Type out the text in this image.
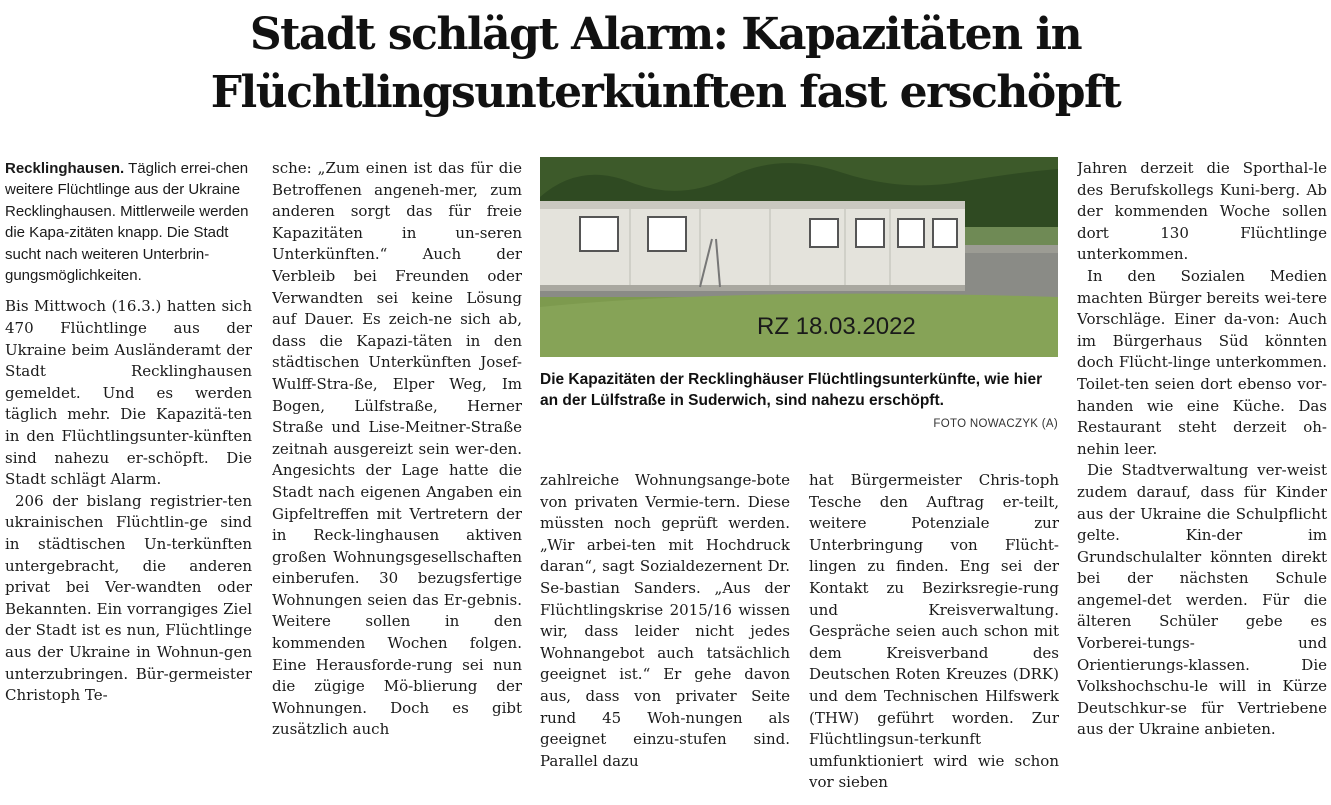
Stadt schlägt Alarm: Kapazitäten in
Flüchtlingsunterkünften fast erschöpft

Recklinghausen. Täglich errei-chen weitere Flüchtlinge aus der Ukraine Recklinghausen. Mittlerweile werden die Kapa-zitäten knapp. Die Stadt sucht nach weiteren Unterbrin-gungsmöglichkeiten.

Bis Mittwoch (16.3.) hatten sich 470 Flüchtlinge aus der Ukraine beim Ausländeramt der Stadt Recklinghausen gemeldet. Und es werden täglich mehr. Die Kapazitä-ten in den Flüchtlingsunter-künften sind nahezu er-schöpft. Die Stadt schlägt Alarm.

206 der bislang registrier-ten ukrainischen Flüchtlin-ge sind in städtischen Un-terkünften untergebracht, die anderen privat bei Ver-wandten oder Bekannten. Ein vorrangiges Ziel der Stadt ist es nun, Flüchtlinge aus der Ukraine in Wohnun-gen unterzubringen. Bür-germeister Christoph Te-

sche: „Zum einen ist das für die Betroffenen angeneh-mer, zum anderen sorgt das für freie Kapazitäten in un-seren Unterkünften.“ Auch der Verbleib bei Freunden oder Verwandten sei keine Lösung auf Dauer. Es zeich-ne sich ab, dass die Kapazi-täten in den städtischen Unterkünften Josef-Wulff-Stra-ße, Elper Weg, Im Bogen, Lülfstraße, Herner Straße und Lise-Meitner-Straße zeitnah ausgereizt sein wer-den. Angesichts der Lage hatte die Stadt nach eigenen Angaben ein Gipfeltreffen mit Vertretern der in Reck-linghausen aktiven großen Wohnungsgesellschaften einberufen. 30 bezugsfertige Wohnungen seien das Er-gebnis. Weitere sollen in den kommenden Wochen folgen. Eine Herausforde-rung sei nun die zügige Mö-blierung der Wohnungen. Doch es gibt zusätzlich auch

RZ 18.03.2022
Die Kapazitäten der Recklinghäuser Flüchtlingsunterkünfte, wie hier an der Lülfstraße in Suderwich, sind nahezu erschöpft.
FOTO NOWACZYK (A)

zahlreiche Wohnungsange-bote von privaten Vermie-tern. Diese müssten noch geprüft werden. „Wir arbei-ten mit Hochdruck daran“, sagt Sozialdezernent Dr. Se-bastian Sanders. „Aus der Flüchtlingskrise 2015/16 wissen wir, dass leider nicht jedes Wohnangebot auch tatsächlich geeignet ist.“ Er gehe davon aus, dass von privater Seite rund 45 Woh-nungen als geeignet einzu-stufen sind. Parallel dazu

hat Bürgermeister Chris-toph Tesche den Auftrag er-teilt, weitere Potenziale zur Unterbringung von Flücht-lingen zu finden. Eng sei der Kontakt zu Bezirksregie-rung und Kreisverwaltung. Gespräche seien auch schon mit dem Kreisverband des Deutschen Roten Kreuzes (DRK) und dem Technischen Hilfswerk (THW) geführt worden. Zur Flüchtlingsun-terkunft umfunktioniert wird wie schon vor sieben

Jahren derzeit die Sporthal-le des Berufskollegs Kuni-berg. Ab der kommenden Woche sollen dort 130 Flüchtlinge unterkommen.

In den Sozialen Medien machten Bürger bereits wei-tere Vorschläge. Einer da-von: Auch im Bürgerhaus Süd könnten doch Flücht-linge unterkommen. Toilet-ten seien dort ebenso vor-handen wie eine Küche. Das Restaurant steht derzeit oh-nehin leer.

Die Stadtverwaltung ver-weist zudem darauf, dass für Kinder aus der Ukraine die Schulpflicht gelte. Kin-der im Grundschulalter könnten direkt bei der nächsten Schule angemel-det werden. Für die älteren Schüler gebe es Vorberei-tungs- und Orientierungs-klassen. Die Volkshochschu-le will in Kürze Deutschkur-se für Vertriebene aus der Ukraine anbieten.
